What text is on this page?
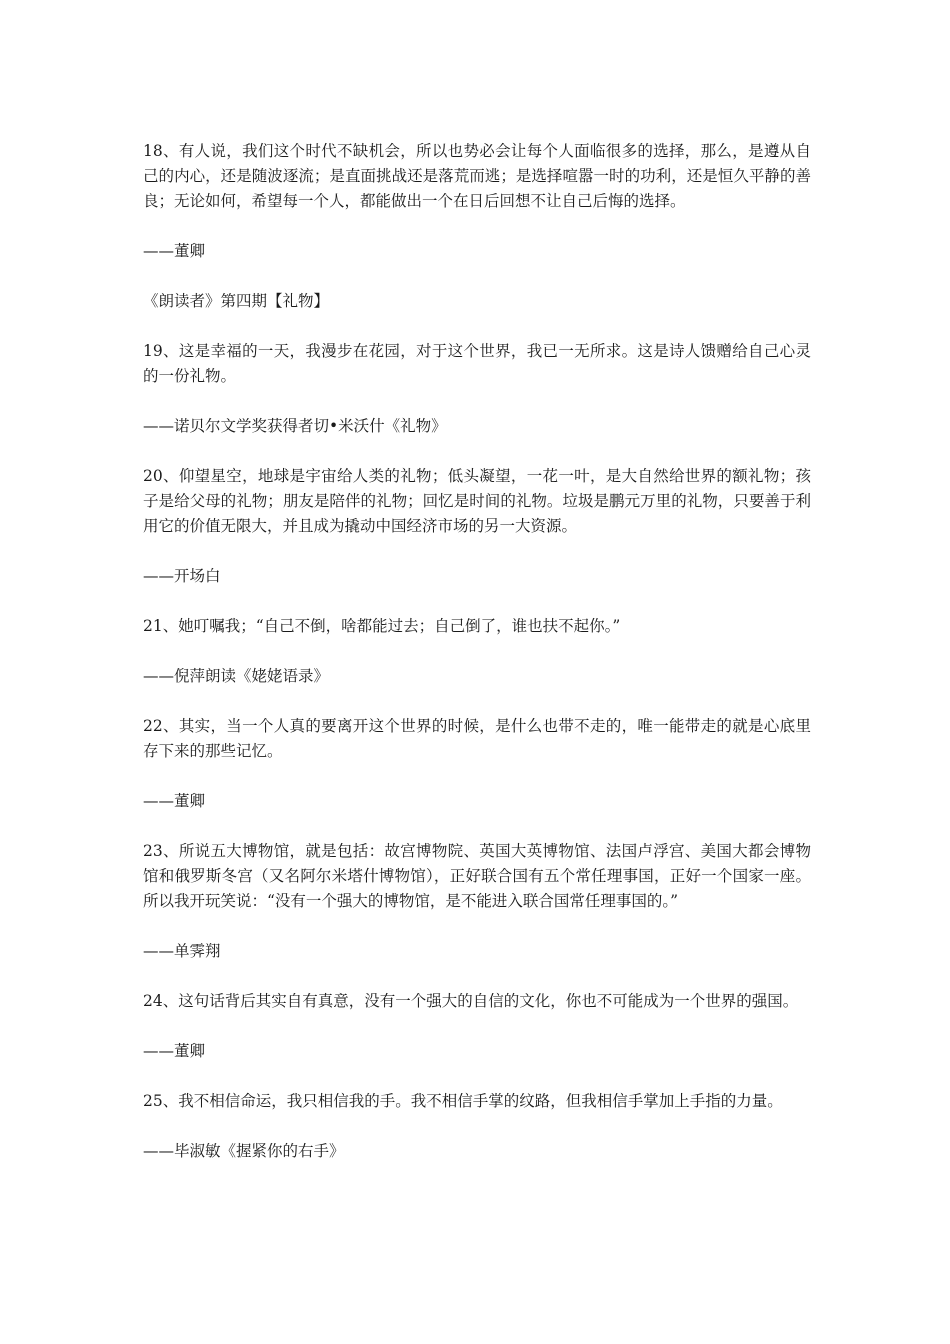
18、有人说，我们这个时代不缺机会，所以也势必会让每个人面临很多的选择，那么，是遵从自己的内心，还是随波逐流；是直面挑战还是落荒而逃；是选择喧嚣一时的功利，还是恒久平静的善良；无论如何，希望每一个人，都能做出一个在日后回想不让自己后悔的选择。

——董卿

《朗读者》第四期【礼物】

19、这是幸福的一天，我漫步在花园，对于这个世界，我已一无所求。这是诗人馈赠给自己心灵的一份礼物。

——诺贝尔文学奖获得者切•米沃什《礼物》

20、仰望星空，地球是宇宙给人类的礼物；低头凝望，一花一叶，是大自然给世界的额礼物；孩子是给父母的礼物；朋友是陪伴的礼物；回忆是时间的礼物。垃圾是鹏元万里的礼物，只要善于利用它的价值无限大，并且成为撬动中国经济市场的另一大资源。

——开场白

21、她叮嘱我；“自己不倒，啥都能过去；自己倒了，谁也扶不起你。”

——倪萍朗读《姥姥语录》

22、其实，当一个人真的要离开这个世界的时候，是什么也带不走的，唯一能带走的就是心底里存下来的那些记忆。

——董卿

23、所说五大博物馆，就是包括：故宫博物院、英国大英博物馆、法国卢浮宫、美国大都会博物馆和俄罗斯冬宫（又名阿尔米塔什博物馆），正好联合国有五个常任理事国，正好一个国家一座。所以我开玩笑说：“没有一个强大的博物馆，是不能进入联合国常任理事国的。”

——单霁翔

24、这句话背后其实自有真意，没有一个强大的自信的文化，你也不可能成为一个世界的强国。

——董卿

25、我不相信命运，我只相信我的手。我不相信手掌的纹路，但我相信手掌加上手指的力量。

——毕淑敏《握紧你的右手》
